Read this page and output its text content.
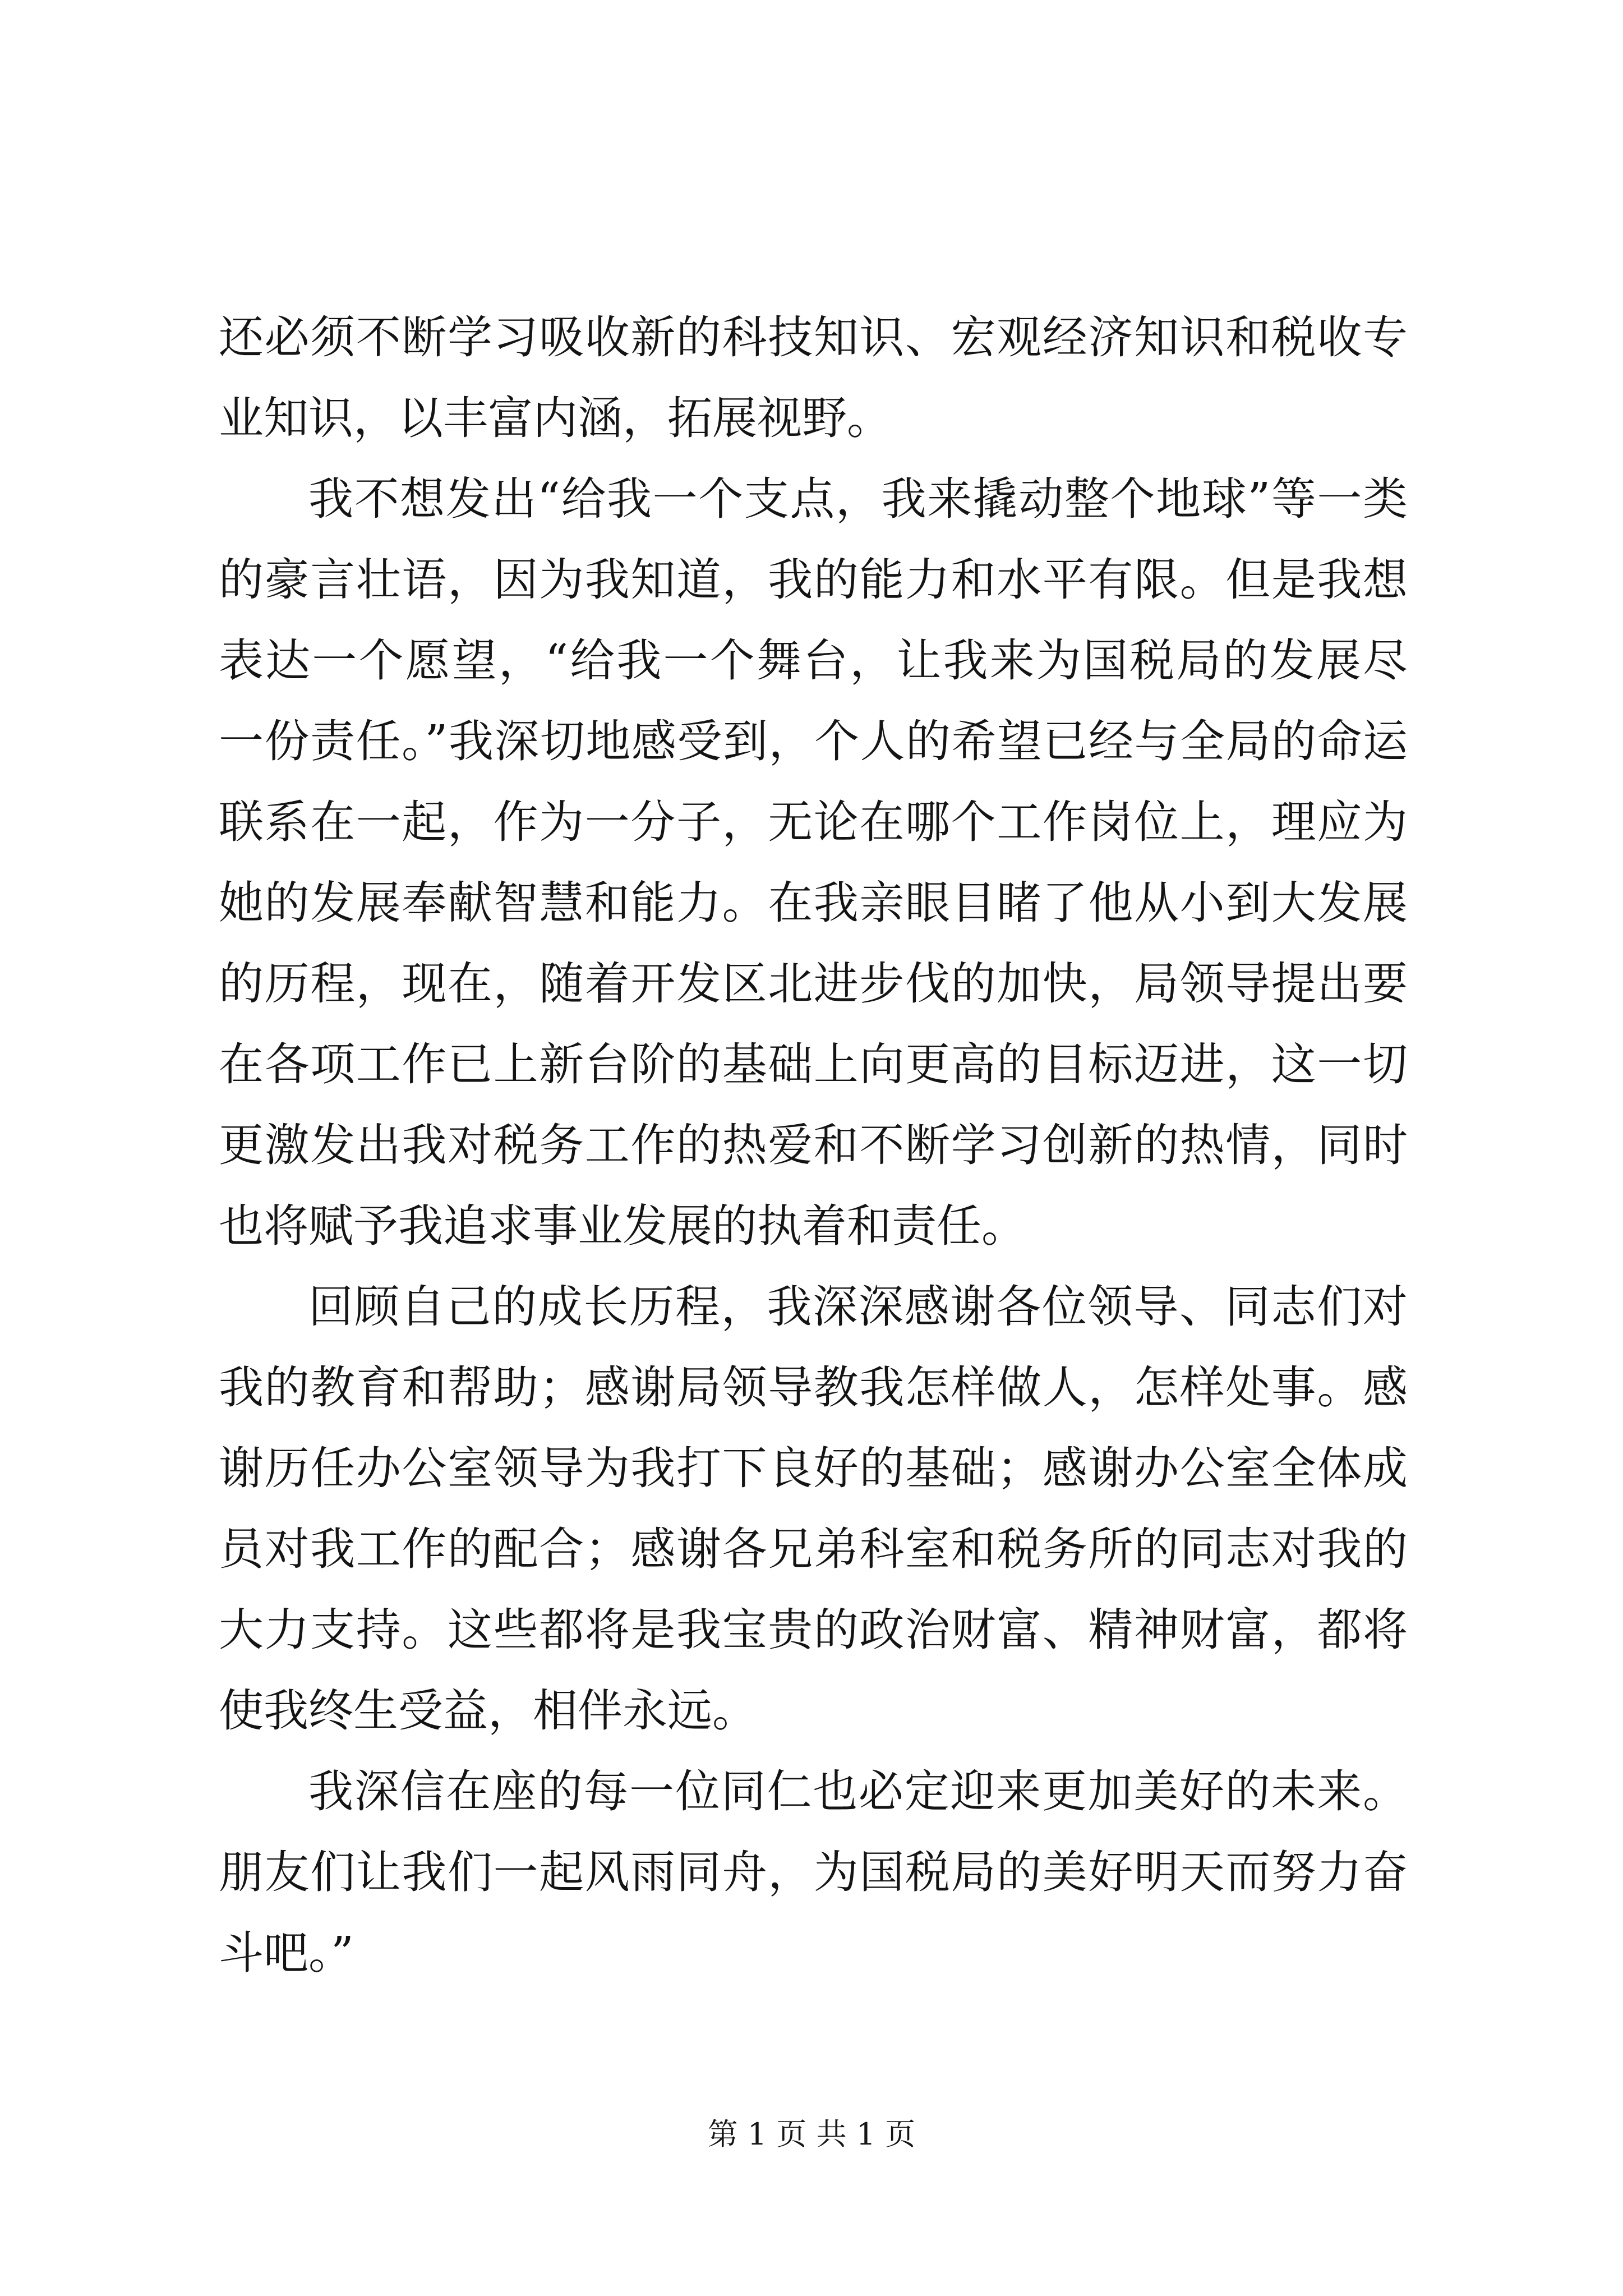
还必须不断学习吸收新的科技知识、宏观经济知识和税收专业知识，以丰富内涵，拓展视野。

我不想发出“给我一个支点，我来撬动整个地球”等一类的豪言壮语，因为我知道，我的能力和水平有限。但是我想表达一个愿望，“给我一个舞台，让我来为国税局的发展尽一份责任。”我深切地感受到，个人的希望已经与全局的命运联系在一起，作为一分子，无论在哪个工作岗位上，理应为她的发展奉献智慧和能力。在我亲眼目睹了他从小到大发展的历程，现在，随着开发区北进步伐的加快，局领导提出要在各项工作已上新台阶的基础上向更高的目标迈进，这一切更激发出我对税务工作的热爱和不断学习创新的热情，同时也将赋予我追求事业发展的执着和责任。

回顾自己的成长历程，我深深感谢各位领导、同志们对我的教育和帮助；感谢局领导教我怎样做人，怎样处事。感谢历任办公室领导为我打下良好的基础；感谢办公室全体成员对我工作的配合；感谢各兄弟科室和税务所的同志对我的大力支持。这些都将是我宝贵的政治财富、精神财富，都将使我终生受益，相伴永远。

我深信在座的每一位同仁也必定迎来更加美好的未来。朋友们让我们一起风雨同舟，为国税局的美好明天而努力奋斗吧。”

第 1 页 共 1 页
